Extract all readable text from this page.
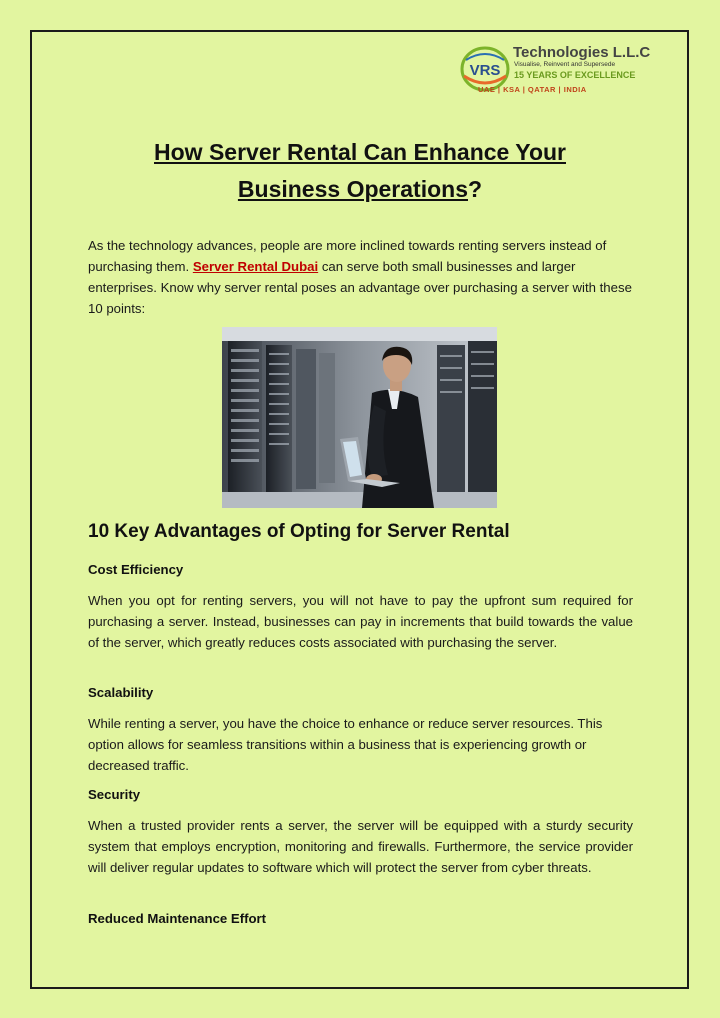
VRS
Technologies L.L.C
Visualise, Reinvent and Supersede
15 YEARS OF EXCELLENCE
UAE | KSA | QATAR | INDIA
How Server Rental Can Enhance Your
Business Operations?
As the technology advances, people are more inclined towards renting servers instead of purchasing them. Server Rental Dubai can serve both small businesses and larger enterprises. Know why server rental poses an advantage over purchasing a server with these 10 points:
10 Key Advantages of Opting for Server Rental
Cost Efficiency
When you opt for renting servers, you will not have to pay the upfront sum required for purchasing a server. Instead, businesses can pay in increments that build towards the value of the server, which greatly reduces costs associated with purchasing the server.
Scalability
While renting a server, you have the choice to enhance or reduce server resources. This option allows for seamless transitions within a business that is experiencing growth or decreased traffic.
Security
When a trusted provider rents a server, the server will be equipped with a sturdy security system that employs encryption, monitoring and firewalls. Furthermore, the service provider will deliver regular updates to software which will protect the server from cyber threats.
Reduced Maintenance Effort
